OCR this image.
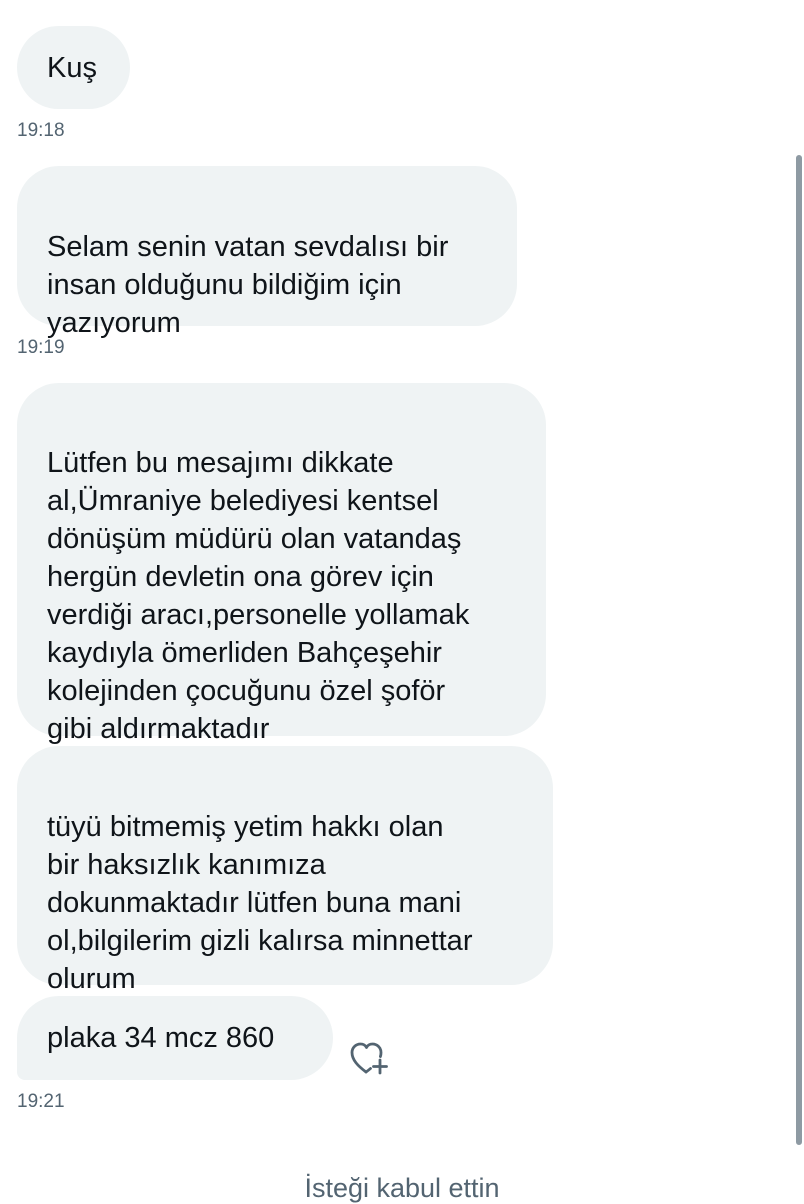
Kuş
19:18

Selam senin vatan sevdalısı bir
insan olduğunu bildiğim için
yazıyorum

19:19

Lütfen bu mesajımı dikkate
al,Ümraniye belediyesi kentsel
dönüşüm müdürü olan vatandaş
hergün devletin ona görev için
verdiği aracı,personelle yollamak
kaydıyla ömerliden Bahçeşehir
kolejinden çocuğunu özel şoför
gibi aldırmaktadır

tüyü bitmemiş yetim hakkı olan
bir haksızlık kanımıza
dokunmaktadır lütfen buna mani
ol,bilgilerim gizli kalırsa minnettar
olurum

plaka 34 mcz 860
19:21
İsteği kabul ettin
